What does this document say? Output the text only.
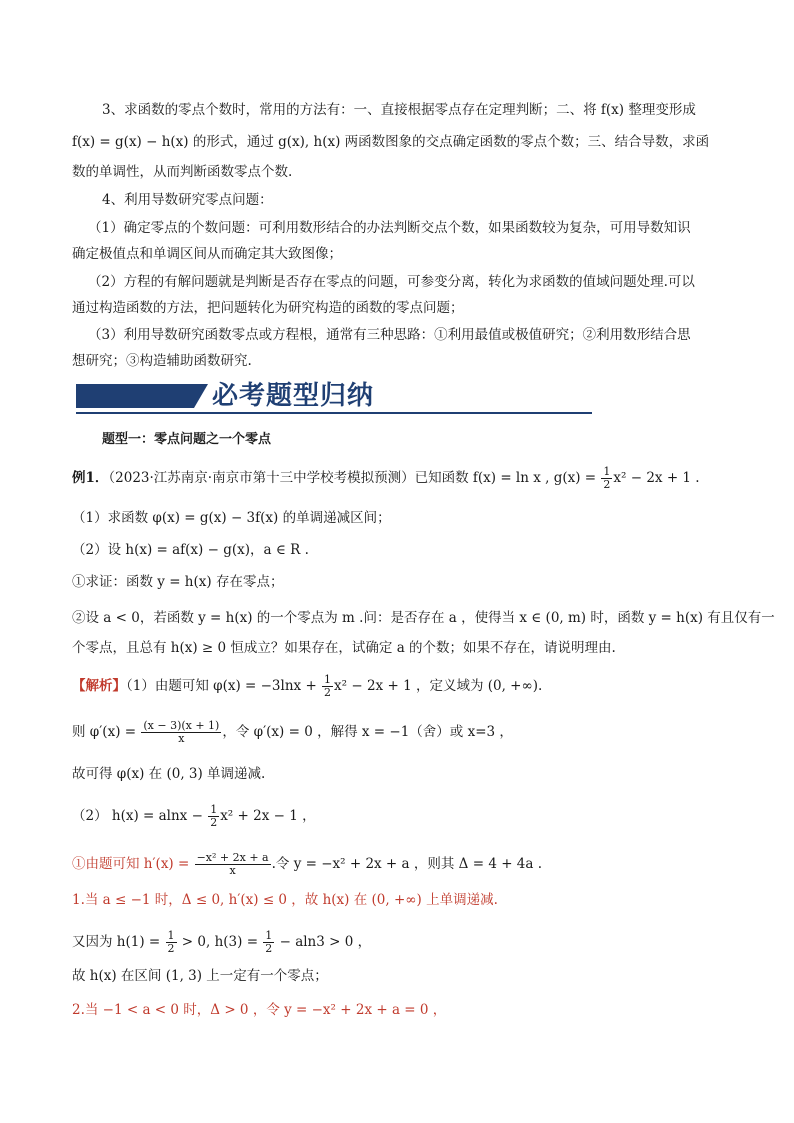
3、求函数的零点个数时，常用的方法有：一、直接根据零点存在定理判断；二、将 f(x) 整理变形成
f(x) = g(x) − h(x) 的形式，通过 g(x), h(x) 两函数图象的交点确定函数的零点个数；三、结合导数，求函
数的单调性，从而判断函数零点个数.
4、利用导数研究零点问题：
（1）确定零点的个数问题：可利用数形结合的办法判断交点个数，如果函数较为复杂，可用导数知识
确定极值点和单调区间从而确定其大致图像；
（2）方程的有解问题就是判断是否存在零点的问题，可参变分离，转化为求函数的值域问题处理.可以
通过构造函数的方法，把问题转化为研究构造的函数的零点问题；
（3）利用导数研究函数零点或方程根，通常有三种思路：①利用最值或极值研究；②利用数形结合思
想研究；③构造辅助函数研究.
必考题型归纳
题型一：零点问题之一个零点
例1．（2023·江苏南京·南京市第十三中学校考模拟预测）已知函数 f(x) = ln x , $g(x) = \frac{1}{2} x^2 - 2x + 1$ .
（1）求函数 φ(x) = g(x) − 3f(x) 的单调递减区间；
（2）设 h(x) = af(x) − g(x)，a ∈ R .
①求证：函数 y = h(x) 存在零点；
②设 a < 0，若函数 y = h(x) 的一个零点为 m .问：是否存在 a ，使得当 x ∈ (0, m) 时，函数 y = h(x) 有且仅有一
个零点，且总有 h(x) ≥ 0 恒成立？如果存在，试确定 a 的个数；如果不存在，请说明理由.
【解析】（1）由题可知 $\varphi(x) = -3\ln x + \frac{1}{2} x^2 - 2x + 1$ ，定义域为 (0, +∞).
则 $\varphi'(x) = \frac{(x - 3)(x + 1)}{x}$ ，令 φ′(x) = 0 ，解得 x = −1（舍）或 x=3 ，
故可得 φ(x) 在 (0, 3) 单调递减.
（2） $h(x) = alnx - \frac{1}{2} x^2 + 2x - 1$ ，
①由题可知 $h'(x) = \frac{\text{−x² + 2x + a}}{x}$ .令 y = −x² + 2x + a ，则其 Δ = 4 + 4a .
1.当 a ≤ −1 时，Δ ≤ 0, h′(x) ≤ 0 ，故 h(x) 在 (0, +∞) 上单调递减.
又因为 $h(1) = \frac{1}{2} > 0$, $h(3) = \frac{1}{2} - aln3 > 0$ ，
故 h(x) 在区间 (1, 3) 上一定有一个零点；
2.当 −1 < a < 0 时，Δ > 0 ，令 y = −x² + 2x + a = 0 ，
